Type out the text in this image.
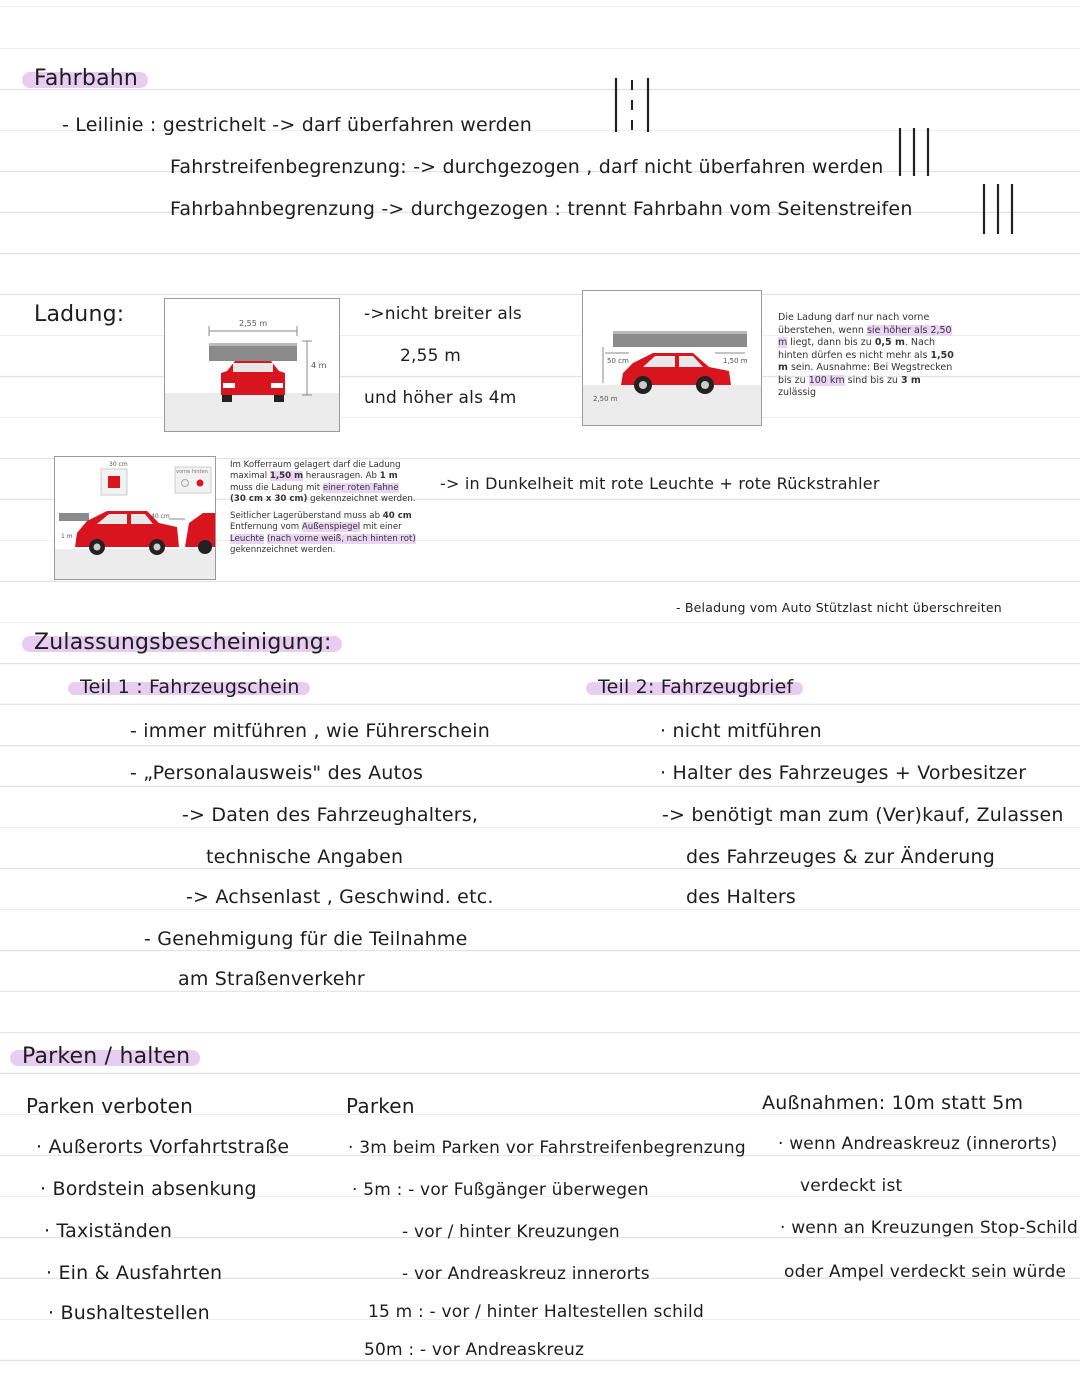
Fahrbahn
- Leilinie : gestrichelt -> darf überfahren werden
Fahrstreifenbegrenzung: -> durchgezogen , darf nicht überfahren werden
Fahrbahnbegrenzung -> durchgezogen : trennt Fahrbahn vom Seitenstreifen
Ladung:	2,55 m
4 m
->nicht breiter als
2,55 m
und höher als 4m
50 cm	1,50 m
2,50 m
Die Ladung darf nur nach vorne überstehen, wenn sie höher als 2,50 m liegt, dann bis zu 0,5 m. Nach hinten dürfen es nicht mehr als 1,50 m sein. Ausnahme: Bei Wegstrecken bis zu 100 km sind bis zu 3 m zulässig
30 cm
40 cm
1 m
vorne hinten
Im Kofferraum gelagert darf die Ladung maximal 1,50 m herausragen. Ab 1 m muss die Ladung mit einer roten Fahne (30 cm x 30 cm) gekennzeichnet werden.
Seitlicher Lagerüberstand muss ab 40 cm Entfernung vom Außenspiegel mit einer Leuchte (nach vorne weiß, nach hinten rot) gekennzeichnet werden.
-> in Dunkelheit mit rote Leuchte + rote Rückstrahler
- Beladung vom Auto Stützlast nicht überschreiten
Zulassungsbescheinigung:
Teil 1 : Fahrzeugschein
- immer mitführen , wie Führerschein
- „Personalausweis" des Autos
-> Daten des Fahrzeughalters,
technische Angaben
-> Achsenlast , Geschwind. etc.
- Genehmigung für die Teilnahme
am Straßenverkehr
Teil 2: Fahrzeugbrief
· nicht mitführen
· Halter des Fahrzeuges + Vorbesitzer
-> benötigt man zum (Ver)kauf, Zulassen
des Fahrzeuges & zur Änderung
des Halters
Parken / halten
Parken verboten
· Außerorts Vorfahrtstraße
· Bordstein absenkung
· Taxiständen
· Ein & Ausfahrten
· Bushaltestellen
Parken
· 3m beim Parken vor Fahrstreifenbegrenzung
· 5m : - vor Fußgänger überwegen
- vor / hinter Kreuzungen
- vor Andreaskreuz innerorts
15 m : - vor / hinter Haltestellen schild
50m : - vor Andreaskreuz
Außnahmen: 10m statt 5m
· wenn Andreaskreuz (innerorts)
verdeckt ist
· wenn an Kreuzungen Stop-Schild
oder Ampel verdeckt sein würde
